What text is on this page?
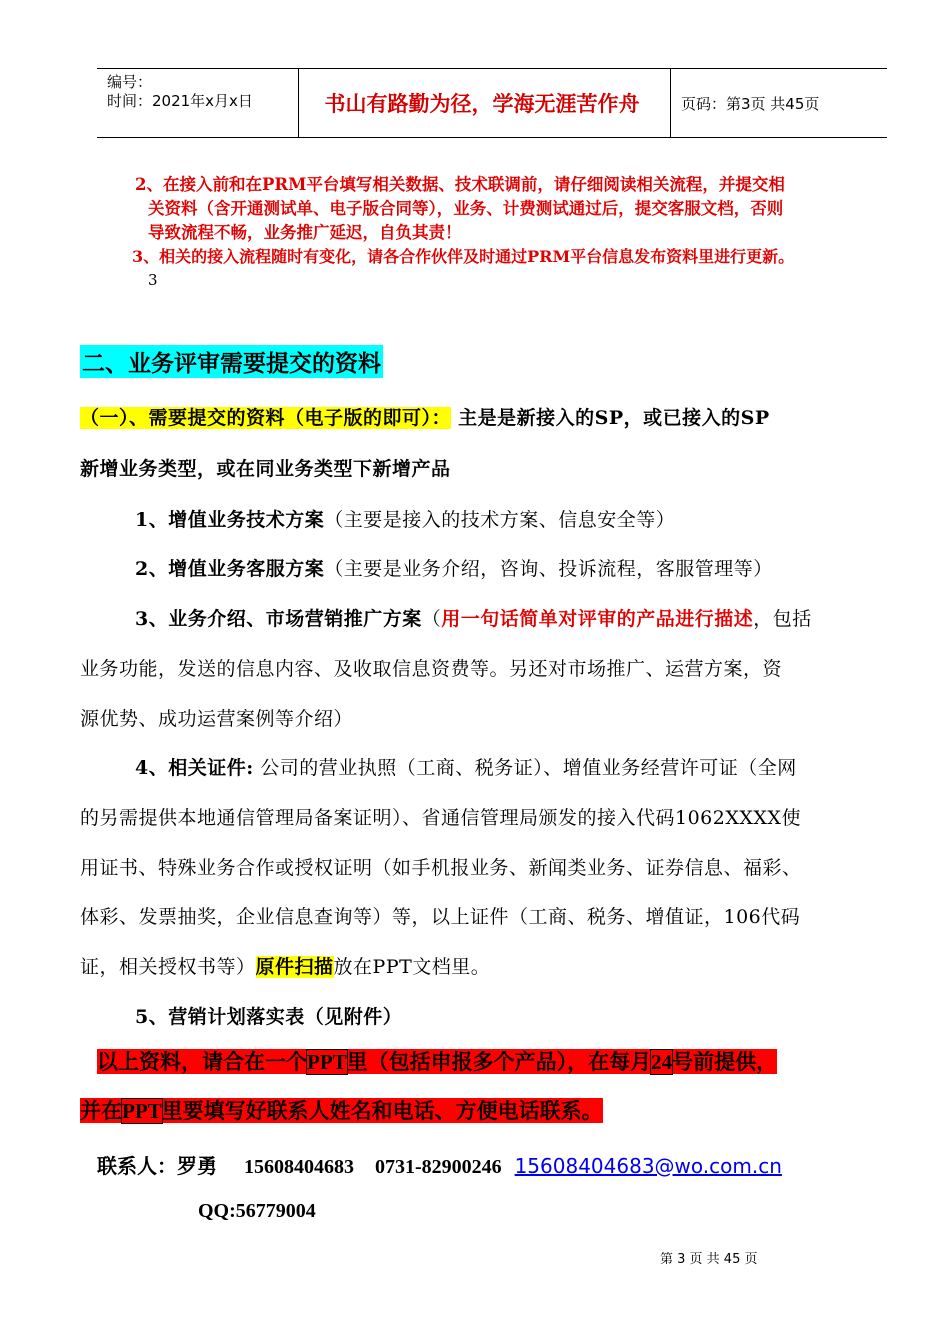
编号：
时间：2021年x月x日	书山有路勤为径，学海无涯苦作舟	页码：第3页 共45页
2、在接入前和在PRM平台填写相关数据、技术联调前，请仔细阅读相关流程，并提交相
关资料（含开通测试单、电子版合同等），业务、计费测试通过后，提交客服文档，否则
导致流程不畅，业务推广延迟，自负其责！
3、相关的接入流程随时有变化，请各合作伙伴及时通过PRM平台信息发布资料里进行更新。
3
二、业务评审需要提交的资料
（一）、需要提交的资料（电子版的即可）： 主是是新接入的SP，或已接入的SP
新增业务类型，或在同业务类型下新增产品
1、增值业务技术方案（主要是接入的技术方案、信息安全等）
2、增值业务客服方案（主要是业务介绍，咨询、投诉流程，客服管理等）
3、业务介绍、市场营销推广方案（用一句话简单对评审的产品进行描述，包括
业务功能，发送的信息内容、及收取信息资费等。另还对市场推广、运营方案，资
源优势、成功运营案例等介绍）
4、相关证件: 公司的营业执照（工商、税务证）、增值业务经营许可证（全网
的另需提供本地通信管理局备案证明）、省通信管理局颁发的接入代码1062XXXX使
用证书、特殊业务合作或授权证明（如手机报业务、新闻类业务、证券信息、福彩、
体彩、发票抽奖，企业信息查询等）等，以上证件（工商、税务、增值证，106代码
证，相关授权书等）原件扫描放在PPT文档里。
5、营销计划落实表（见附件）
以上资料，请合在一个PPT里（包括申报多个产品），在每月24号前提供，
并在PPT里要填写好联系人姓名和电话、方便电话联系。
联系人：罗勇 15608404683 0731-82900246 15608404683@wo.com.cn
QQ:56779004
第 3 页 共 45 页
